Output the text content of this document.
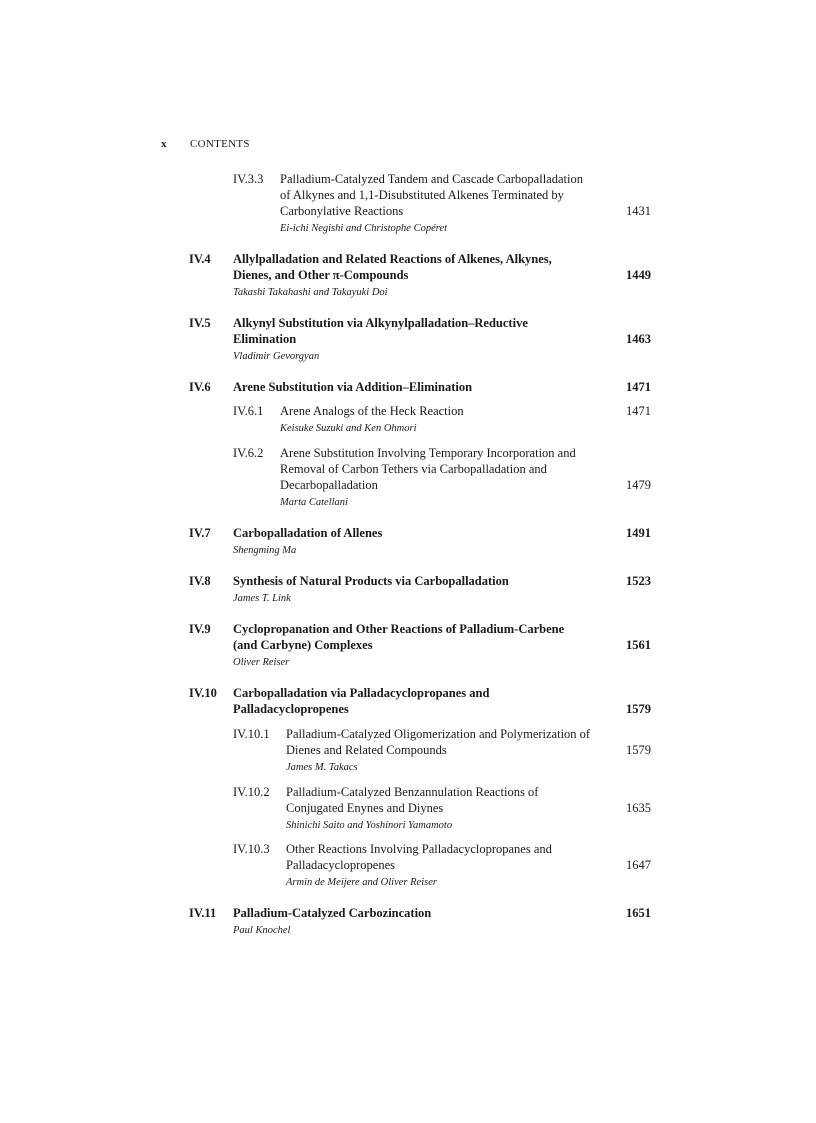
x CONTENTS
IV.3.3 Palladium-Catalyzed Tandem and Cascade Carbopalladation of Alkynes and 1,1-Disubstituted Alkenes Terminated by Carbonylative Reactions	1431
Ei-ichi Negishi and Christophe Copéret
IV.4 Allylpalladation and Related Reactions of Alkenes, Alkynes, Dienes, and Other π-Compounds	1449
Takashi Takahashi and Takayuki Doi
IV.5 Alkynyl Substitution via Alkynylpalladation–Reductive Elimination	1463
Vladimir Gevorgyan
IV.6 Arene Substitution via Addition–Elimination	1471
IV.6.1 Arene Analogs of the Heck Reaction	1471
Keisuke Suzuki and Ken Ohmori
IV.6.2 Arene Substitution Involving Temporary Incorporation and Removal of Carbon Tethers via Carbopalladation and Decarbopalladation	1479
Marta Catellani
IV.7 Carbopalladation of Allenes	1491
Shengming Ma
IV.8 Synthesis of Natural Products via Carbopalladation	1523
James T. Link
IV.9 Cyclopropanation and Other Reactions of Palladium-Carbene (and Carbyne) Complexes	1561
Oliver Reiser
IV.10 Carbopalladation via Palladacyclopropanes and Palladacyclopropenes	1579
IV.10.1 Palladium-Catalyzed Oligomerization and Polymerization of Dienes and Related Compounds	1579
James M. Takacs
IV.10.2 Palladium-Catalyzed Benzannulation Reactions of Conjugated Enynes and Diynes	1635
Shinichi Saito and Yoshinori Yamamoto
IV.10.3 Other Reactions Involving Palladacyclopropanes and Palladacyclopropenes	1647
Armin de Meijere and Oliver Reiser
IV.11 Palladium-Catalyzed Carbozincation	1651
Paul Knochel
